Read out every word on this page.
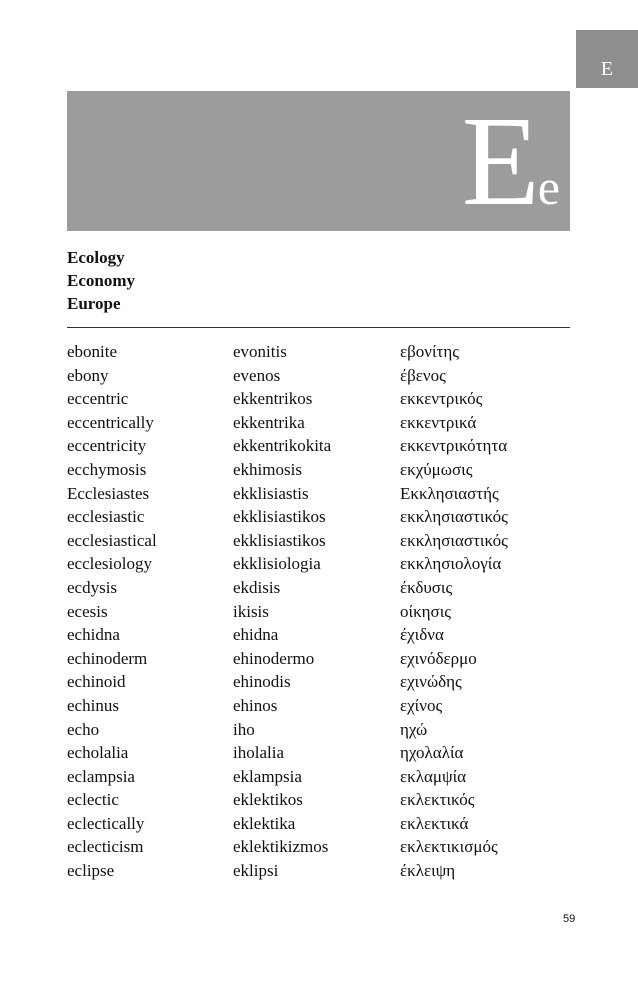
E
Ee
Ecology
Economy
Europe
ebonite
ebony
eccentric
eccentrically
eccentricity
ecchymosis
Ecclesiastes
ecclesiastic
ecclesiastical
ecclesiology
ecdysis
ecesis
echidna
echinoderm
echinoid
echinus
echo
echolalia
eclampsia
eclectic
eclectically
eclecticism
eclipse
evonitis
evenos
ekkentrikos
ekkentrika
ekkentrikokita
ekhimosis
ekklisiastis
ekklisiastikos
ekklisiastikos
ekklisiologia
ekdisis
ikisis
ehidna
ehinodermo
ehinodis
ehinos
iho
iholalia
eklampsia
eklektikos
eklektika
eklektikizmos
eklipsi
εβονίτης
έβενος
εκκεντρικός
εκκεντρικά
εκκεντρικότητα
εκχύμωσις
Εκκλησιαστής
εκκλησιαστικός
εκκλησιαστικός
εκκλησιολογία
έκδυσις
οίκησις
έχιδνα
εχινόδερμο
εχινώδης
εχίνος
ηχώ
ηχολαλία
εκλαμψία
εκλεκτικός
εκλεκτικά
εκλεκτικισμός
έκλειψη
59
